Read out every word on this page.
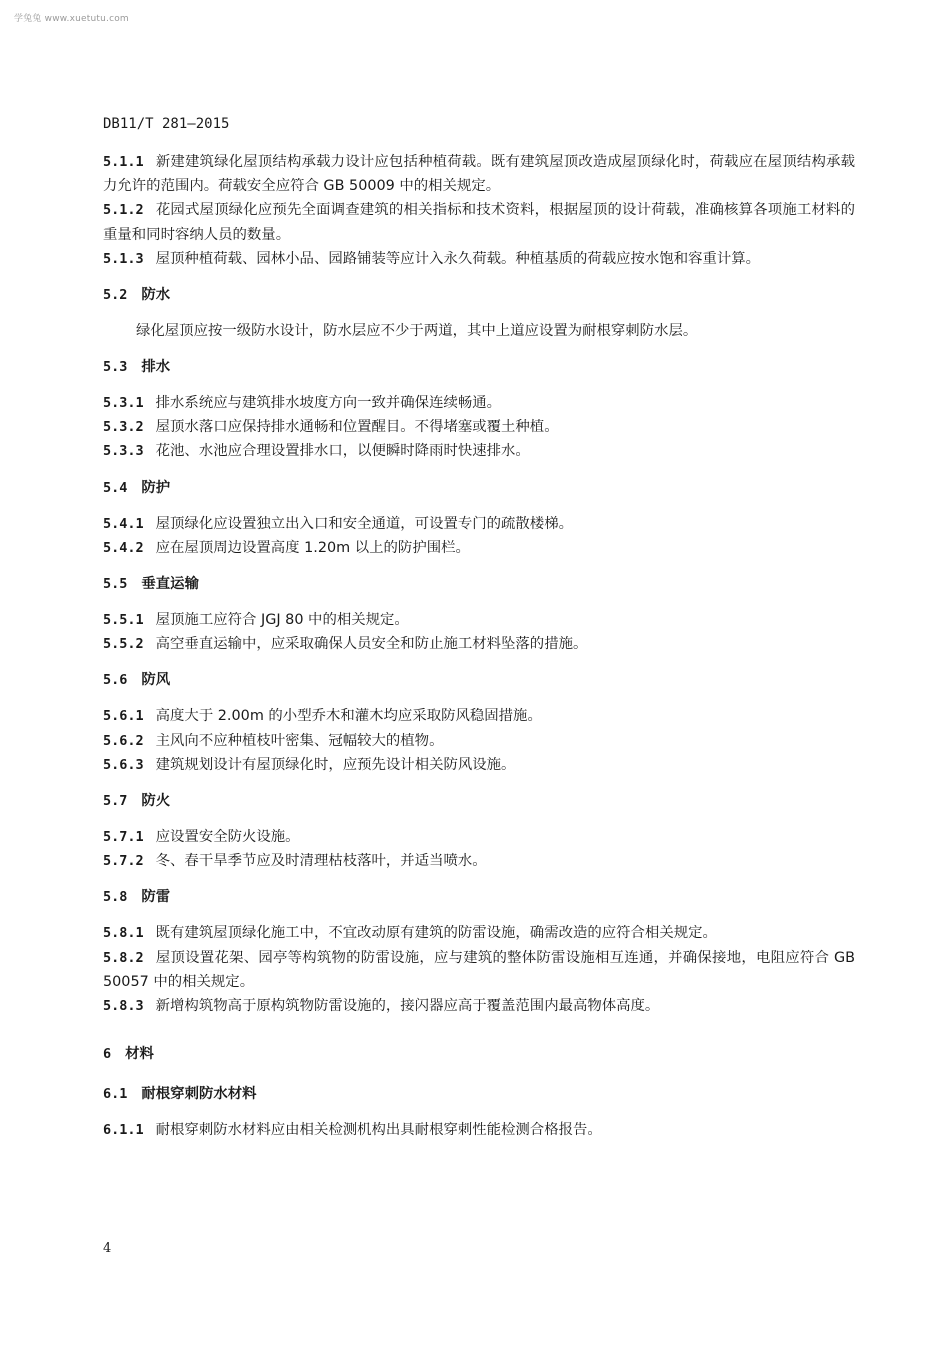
学兔兔 www.xuetutu.com
DB11/T 281—2015

5.1.1 新建建筑绿化屋顶结构承载力设计应包括种植荷载。既有建筑屋顶改造成屋顶绿化时，荷载应在屋顶结构承载力允许的范围内。荷载安全应符合 GB 50009 中的相关规定。

5.1.2 花园式屋顶绿化应预先全面调查建筑的相关指标和技术资料，根据屋顶的设计荷载，准确核算各项施工材料的重量和同时容纳人员的数量。

5.1.3 屋顶种植荷载、园林小品、园路铺装等应计入永久荷载。种植基质的荷载应按水饱和容重计算。

5.2 防水

绿化屋顶应按一级防水设计，防水层应不少于两道，其中上道应设置为耐根穿刺防水层。

5.3 排水

5.3.1 排水系统应与建筑排水坡度方向一致并确保连续畅通。

5.3.2 屋顶水落口应保持排水通畅和位置醒目。不得堵塞或覆土种植。

5.3.3 花池、水池应合理设置排水口，以便瞬时降雨时快速排水。

5.4 防护

5.4.1 屋顶绿化应设置独立出入口和安全通道，可设置专门的疏散楼梯。

5.4.2 应在屋顶周边设置高度 1.20m 以上的防护围栏。

5.5 垂直运输

5.5.1 屋顶施工应符合 JGJ 80 中的相关规定。

5.5.2 高空垂直运输中，应采取确保人员安全和防止施工材料坠落的措施。

5.6 防风

5.6.1 高度大于 2.00m 的小型乔木和灌木均应采取防风稳固措施。

5.6.2 主风向不应种植枝叶密集、冠幅较大的植物。

5.6.3 建筑规划设计有屋顶绿化时，应预先设计相关防风设施。

5.7 防火

5.7.1 应设置安全防火设施。

5.7.2 冬、春干旱季节应及时清理枯枝落叶，并适当喷水。

5.8 防雷

5.8.1 既有建筑屋顶绿化施工中，不宜改动原有建筑的防雷设施，确需改造的应符合相关规定。

5.8.2 屋顶设置花架、园亭等构筑物的防雷设施，应与建筑的整体防雷设施相互连通，并确保接地，电阻应符合 GB 50057 中的相关规定。

5.8.3 新增构筑物高于原构筑物防雷设施的，接闪器应高于覆盖范围内最高物体高度。

6 材料
6.1 耐根穿刺防水材料

6.1.1 耐根穿刺防水材料应由相关检测机构出具耐根穿刺性能检测合格报告。

4
